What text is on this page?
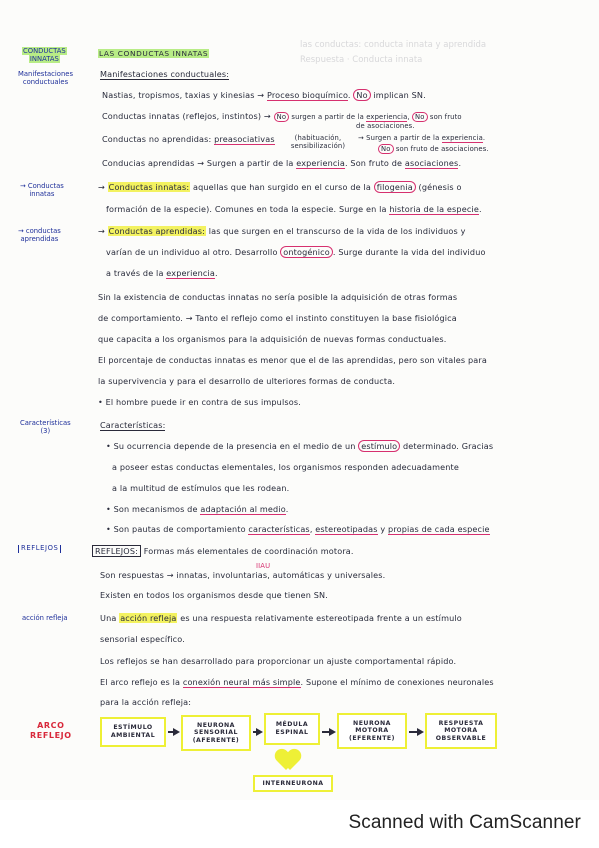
las conductas: conducta innata y aprendida
Respuesta · Conducta innata
CONDUCTAS
INNATAS
Manifestaciones
conductuales
→ Conductas
innatas
→ conductas
aprendidas
Características
(3)
REFLEJOS
acción refleja
ARCO
REFLEJO
LAS CONDUCTAS INNATAS
Manifestaciones conductuales:
Nastias, tropismos, taxias y kinesias → Proceso bioquímico. No implican SN.
Conductas innatas (reflejos, instintos) → No surgen a partir de la experiencia, No son fruto
de asociaciones.
Conductas no aprendidas: preasociativas	(habituación, sensibilización)
→ Surgen a partir de la experiencia.
No son fruto de asociaciones.
Conducias aprendidas → Surgen a partir de la experiencia. Son fruto de asociaciones.
→ Conductas innatas: aquellas que han surgido en el curso de la filogenia (génesis o
formación de la especie). Comunes en toda la especie. Surge en la historia de la especie.
→ Conductas aprendidas: las que surgen en el transcurso de la vida de los individuos y
varían de un individuo al otro. Desarrollo ontogénico . Surge durante la vida del individuo
a través de la experiencia.
Sin la existencia de conductas innatas no sería posible la adquisición de otras formas
de comportamiento. → Tanto el reflejo como el instinto constituyen la base fisiológica
que capacita a los organismos para la adquisición de nuevas formas conductuales.
El porcentaje de conductas innatas es menor que el de las aprendidas, pero son vitales para
la supervivencia y para el desarrollo de ulteriores formas de conducta.
• El hombre puede ir en contra de sus impulsos.
Características:
• Su ocurrencia depende de la presencia en el medio de un estímulo determinado. Gracias
a poseer estas conductas elementales, los organismos responden adecuadamente
a la multitud de estímulos que les rodean.
• Son mecanismos de adaptación al medio.
• Son pautas de comportamiento características, estereotipadas y propias de cada especie
REFLEJOS: Formas más elementales de coordinación motora.
IIAU
Son respuestas → innatas, involuntarias, automáticas y universales.
Existen en todos los organismos desde que tienen SN.
Una acción refleja es una respuesta relativamente estereotipada frente a un estímulo
sensorial específico.
Los reflejos se han desarrollado para proporcionar un ajuste comportamental rápido.
El arco reflejo es la conexión neural más simple. Supone el mínimo de conexiones neuronales
para la acción refleja:
ESTÍMULO AMBIENTAL
NEURONA SENSORIAL (AFERENTE)
MÉDULA ESPINAL
NEURONA MOTORA (EFERENTE)
RESPUESTA MOTORA OBSERVABLE
INTERNEURONA
Scanned with CamScanner
